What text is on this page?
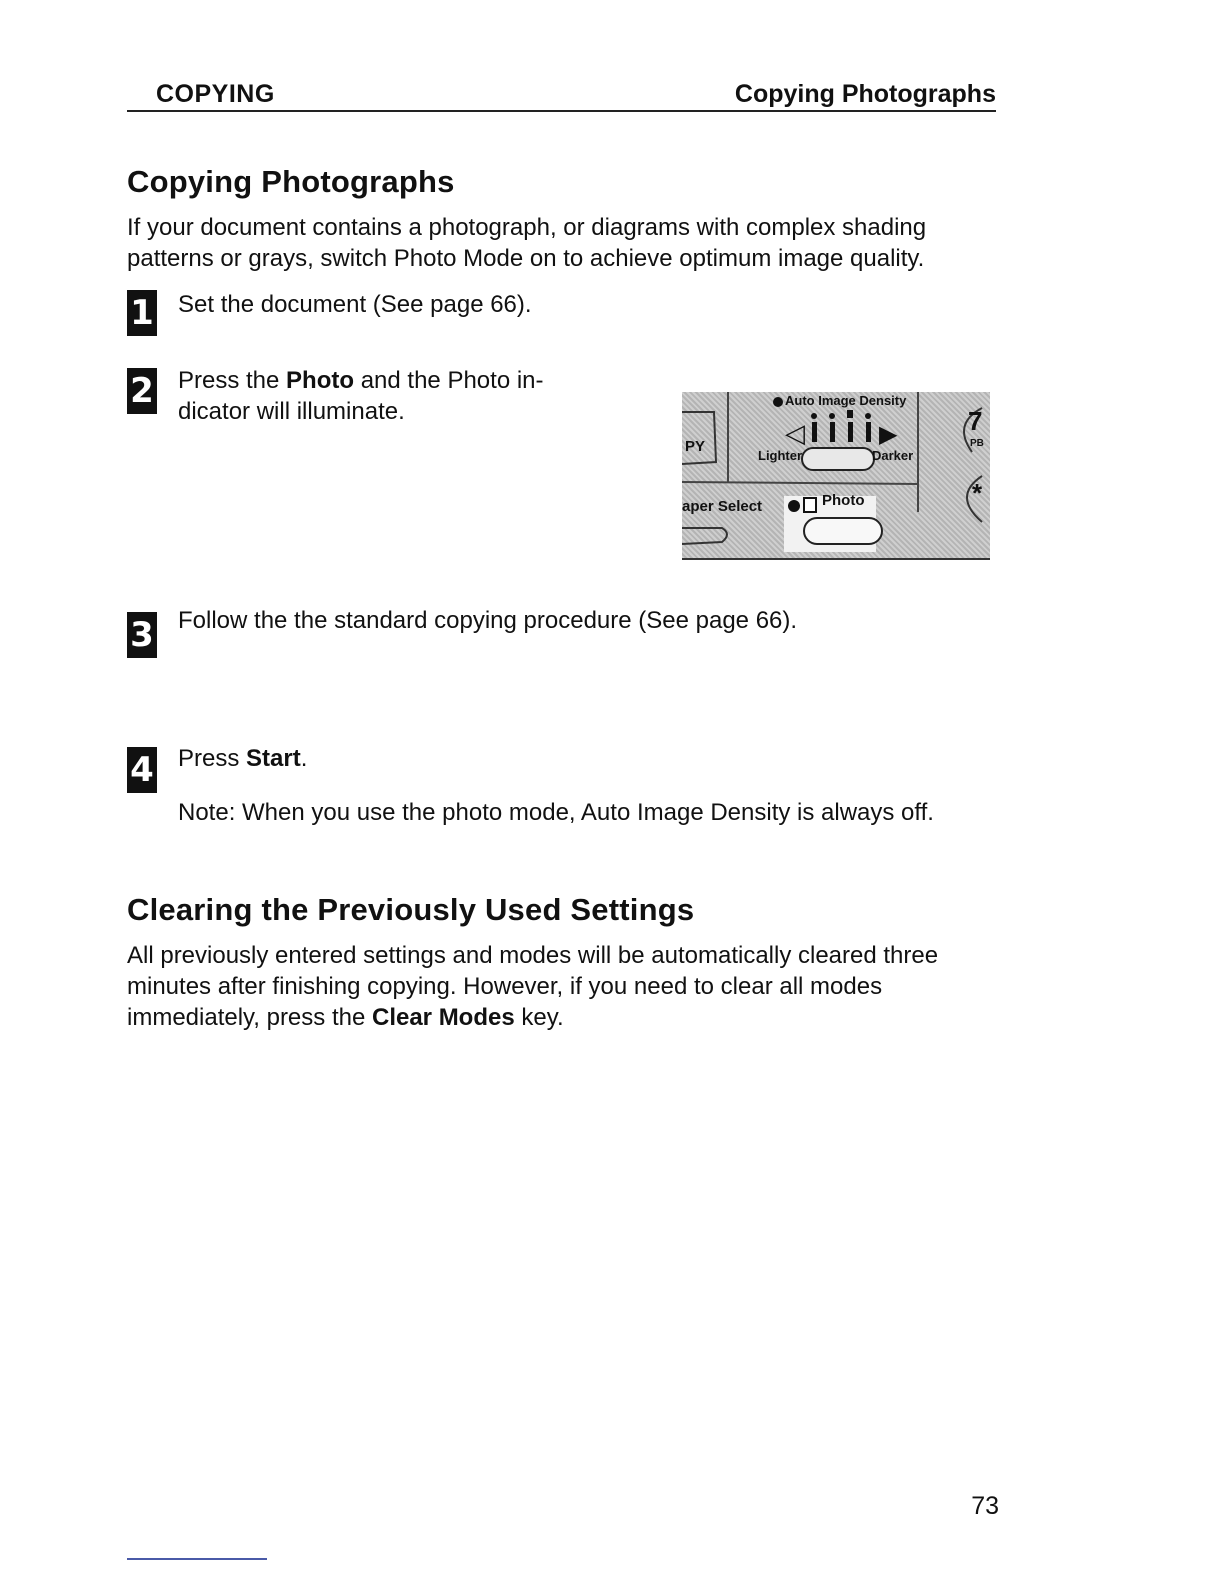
COPYING	Copying Photographs
Copying Photographs
If your document contains a photograph, or diagrams with complex shading patterns or grays, switch Photo Mode on to achieve optimum image quality.
1 Set the document (See page 66).
2 Press the Photo and the Photo in-
dicator will illuminate.
◁	▶
Auto Image Density
PY
Lighter	Darker
aper Select	Photo
7
PB
*
3 Follow the the standard copying procedure (See page 66).
4 Press Start.
Note: When you use the photo mode, Auto Image Density is always off.
Clearing the Previously Used Settings
All previously entered settings and modes will be automatically cleared three
minutes after finishing copying. However, if you need to clear all modes
immediately, press the Clear Modes key.
73
